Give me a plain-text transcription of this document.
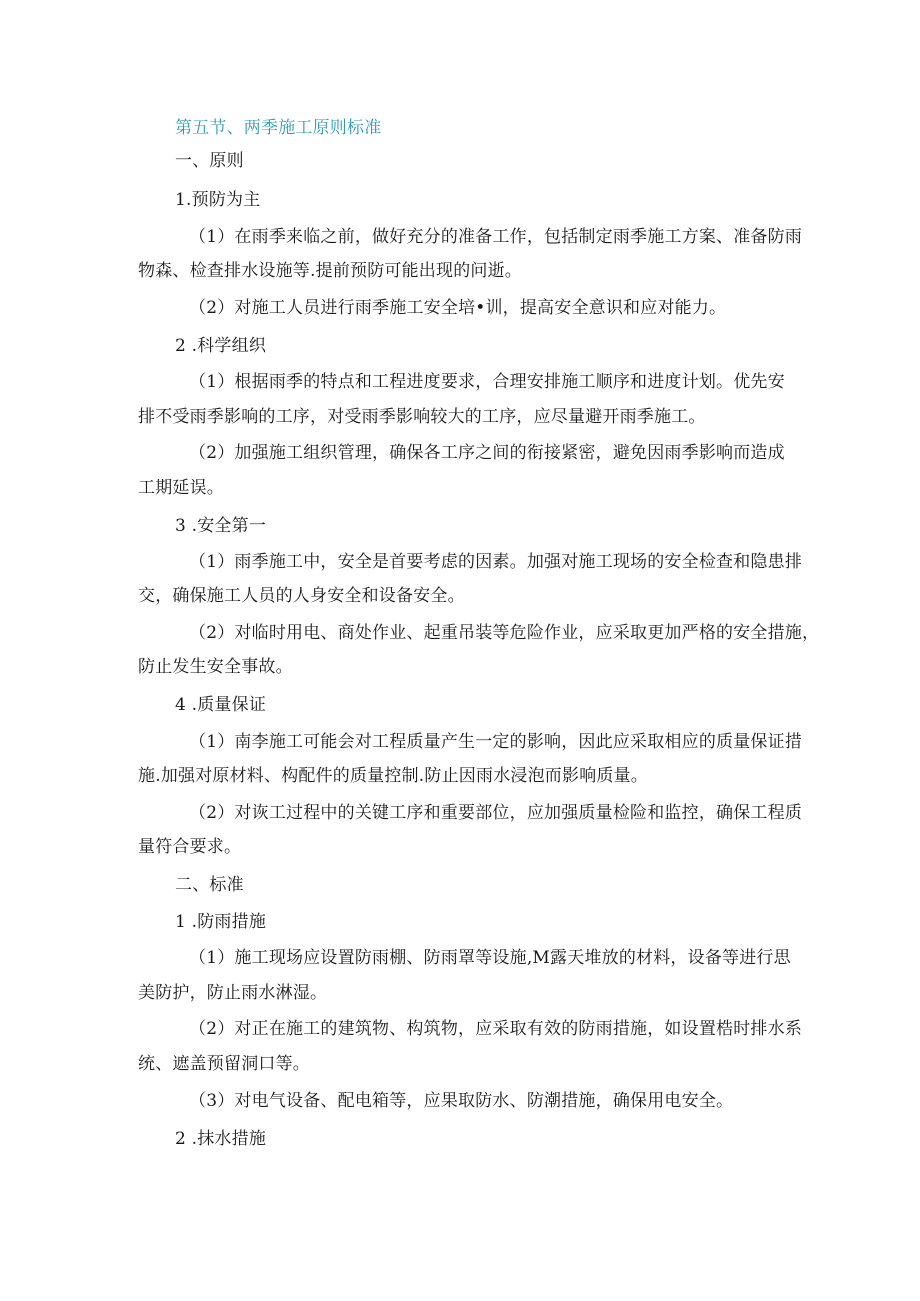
第五节、两季施工原则标准
一、原则
1.预防为主
（1）在雨季来临之前，做好充分的准备工作，包括制定雨季施工方案、准备防雨
物森、检查排水设施等.提前预防可能出现的问逝。
（2）对施工人员进行雨季施工安全培•训，提高安全意识和应对能力。
2 .科学组织
（1）根据雨季的特点和工程进度要求，合理安排施工顺序和进度计划。优先安
排不受雨季影响的工序，对受雨季影响较大的工序，应尽量避开雨季施工。
（2）加强施工组织管理，确保各工序之间的衔接紧密，避免因雨季影响而造成
工期延误。
3 .安全第一
（1）雨季施工中，安全是首要考虑的因素。加强对施工现场的安全检查和隐患排
交，确保施工人员的人身安全和设备安全。
（2）对临时用电、商处作业、起重吊装等危险作业，应采取更加严格的安全措施，
防止发生安全事故。
4 .质量保证
（1）南李施工可能会对工程质量产生一定的影响，因此应采取相应的质量保证措
施.加强对原材料、构配件的质量控制.防止因雨水浸泡而影响质量。
（2）对诙工过程中的关键工序和重要部位，应加强质量检险和监控，确保工程质
量符合要求。
二、标准
1 .防雨措施
（1）施工现场应设置防雨棚、防雨罩等设施,M露天堆放的材料，设备等进行思
美防护，防止雨水淋湿。
（2）对正在施工的建筑物、构筑物，应采取有效的防雨措施，如设置梏时排水系
统、遮盖预留洞口等。
（3）对电气设备、配电箱等，应果取防水、防潮措施，确保用电安全。
2 .抹水措施
